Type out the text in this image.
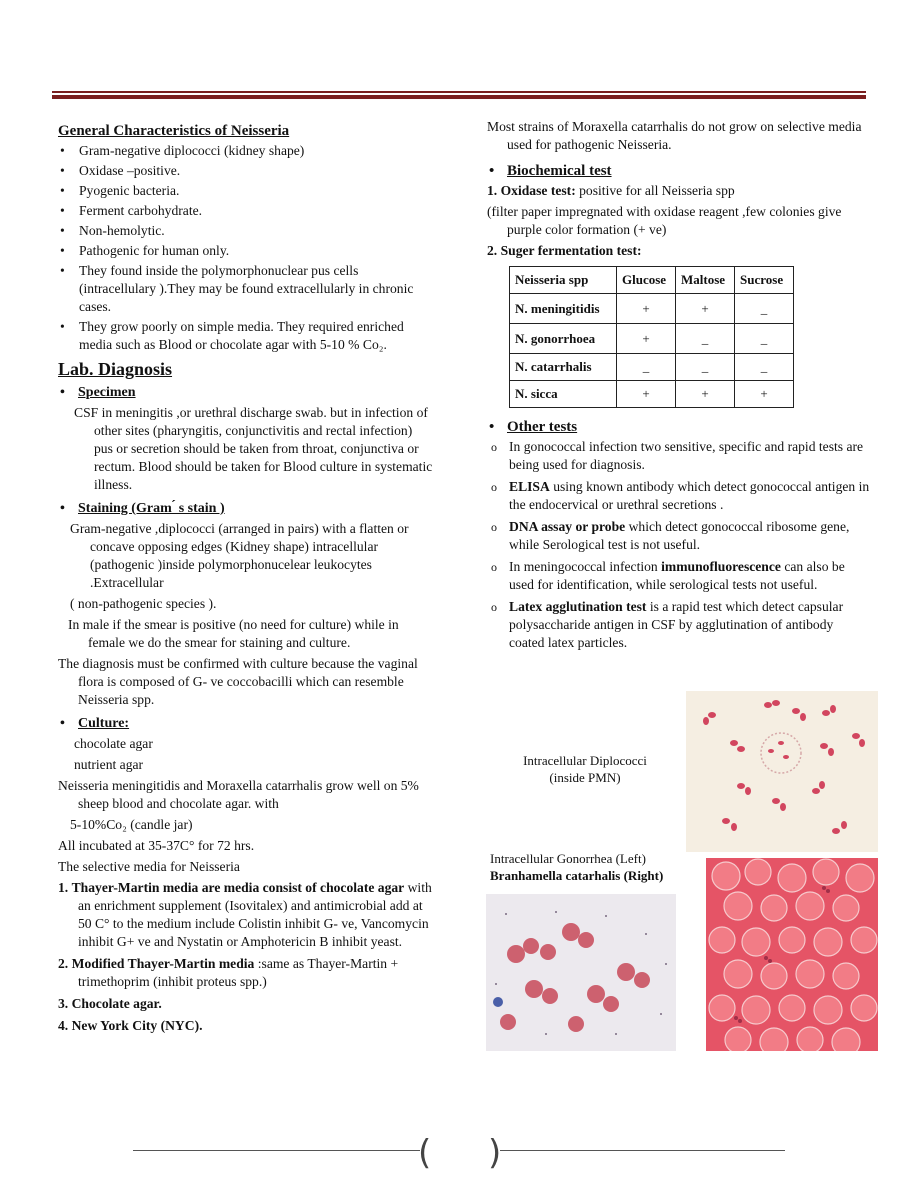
General Characteristics of Neisseria
• Gram-negative diplococci (kidney shape)
• Oxidase –positive.
• Pyogenic bacteria.
• Ferment carbohydrate.
• Non-hemolytic.
• Pathogenic for human only.
• They found inside the polymorphonuclear pus cells (intracellulary ).They may be found extracellularly in chronic cases.
• They grow poorly on simple media. They required enriched media such as Blood or chocolate agar with 5-10 % Co₂.
Lab. Diagnosis
• Specimen
CSF in meningitis ,or urethral discharge swab. but in infection of other sites (pharyngitis, conjunctivitis and rectal infection) pus or secretion should be taken from throat, conjunctiva or rectum. Blood should be taken for Blood culture in systematic illness.
• Staining (Gram ́ s stain )
Gram-negative ,diplococci (arranged in pairs) with a flatten or concave opposing edges (Kidney shape) intracellular (pathogenic )inside polymorphonucelear leukocytes .Extracellular
( non-pathogenic species ).
In male if the smear is positive (no need for culture) while in female we do the smear for staining and culture.
The diagnosis must be confirmed with culture because the vaginal flora is composed of G- ve coccobacilli which can resemble Neisseria spp.
• Culture:
chocolate agar
nutrient agar
Neisseria meningitidis and Moraxella catarrhalis grow well on 5% sheep blood and chocolate agar. with
5-10%Co₂ (candle jar)
All incubated at 35-37C° for 72 hrs.
The selective media for Neisseria
1. Thayer-Martin media are media consist of chocolate agar with an enrichment supplement (Isovitalex) and antimicrobial add at 50 C° to the medium include Colistin inhibit G- ve, Vancomycin inhibit G+ ve and Nystatin or Amphotericin B inhibit yeast.
2. Modified Thayer-Martin media :same as Thayer-Martin + trimethoprim (inhibit proteus spp.)
3. Chocolate agar.
4. New York City (NYC).
Most strains of Moraxella catarrhalis do not grow on selective media used for pathogenic Neisseria.
• Biochemical test
1. Oxidase test: positive for all Neisseria spp
(filter paper impregnated with oxidase reagent ,few colonies give purple color formation (+ ve)
2. Suger fermentation test:
Neisseria spp	Glucose	Maltose	Sucrose
N. meningitidis	+	+	_
N. gonorrhoea	+	_	_
N. catarrhalis	_	_	_
N. sicca	+	+	+
• Other tests
o In gonococcal infection two sensitive, specific and rapid tests are being used for diagnosis.
o ELISA using known antibody which detect gonococcal antigen in the endocervical or urethral secretions .
o DNA assay or probe which detect gonococcal ribosome gene, while Serological test is not useful.
o In meningococcal infection immunofluorescence can also be used for identification, while serological tests not useful.
o Latex agglutination test is a rapid test which detect capsular polysaccharide antigen in CSF by agglutination of antibody coated latex particles.
Intracellular Diplococci
(inside PMN)
Intracellular Gonorrhea (Left)
Branhamella catarhalis (Right)
( )
